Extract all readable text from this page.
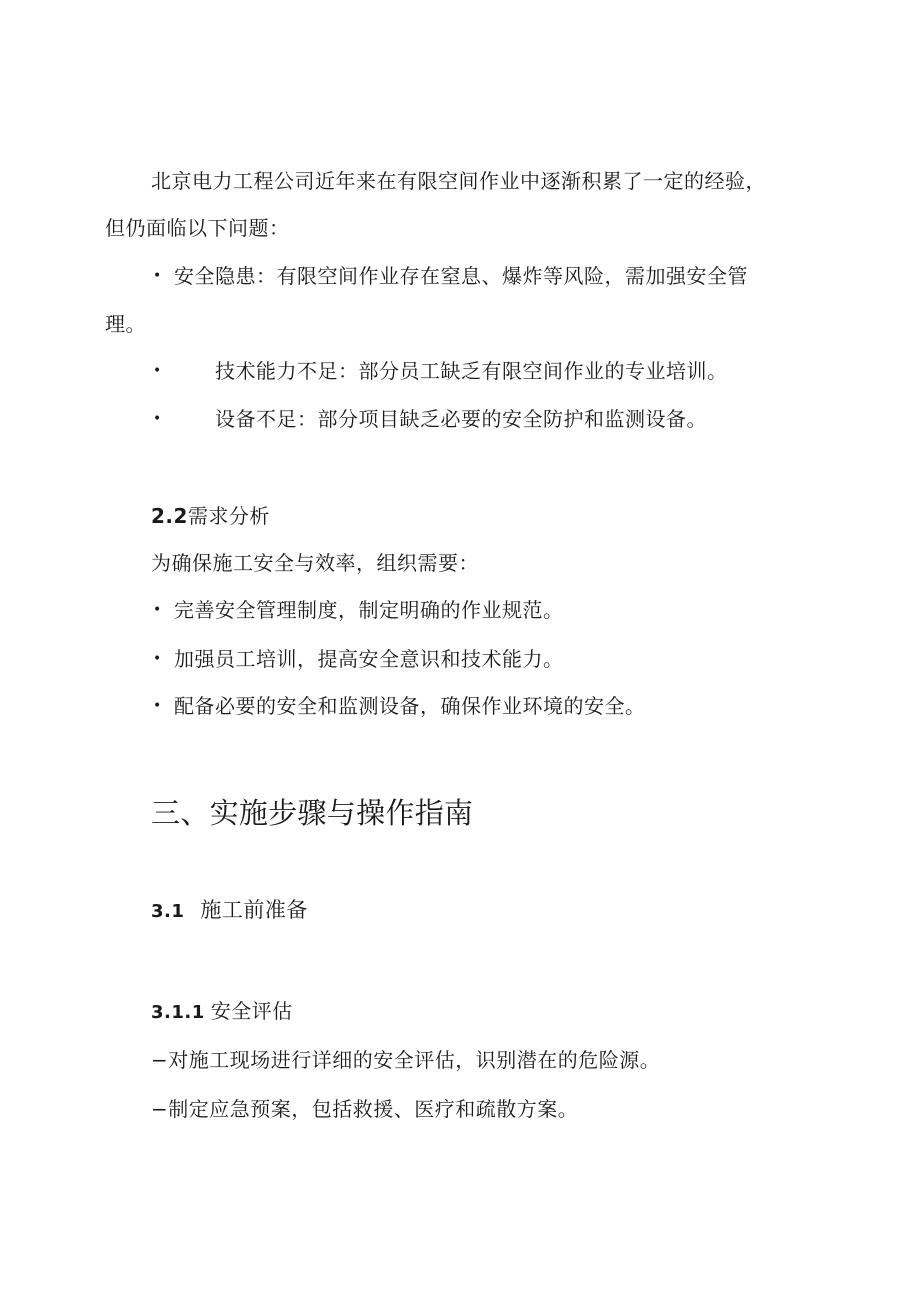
北京电力工程公司近年来在有限空间作业中逐渐积累了一定的经验，
但仍面临以下问题：
• 安全隐患：有限空间作业存在窒息、爆炸等风险，需加强安全管
理。
•	技术能力不足：部分员工缺乏有限空间作业的专业培训。
•	设备不足：部分项目缺乏必要的安全防护和监测设备。
2.2需求分析
为确保施工安全与效率，组织需要：
• 完善安全管理制度，制定明确的作业规范。
• 加强员工培训，提高安全意识和技术能力。
• 配备必要的安全和监测设备，确保作业环境的安全。
三、实施步骤与操作指南
3.1 施工前准备
3.1.1 安全评估
−对施工现场进行详细的安全评估，识别潜在的危险源。
−制定应急预案，包括救援、医疗和疏散方案。
